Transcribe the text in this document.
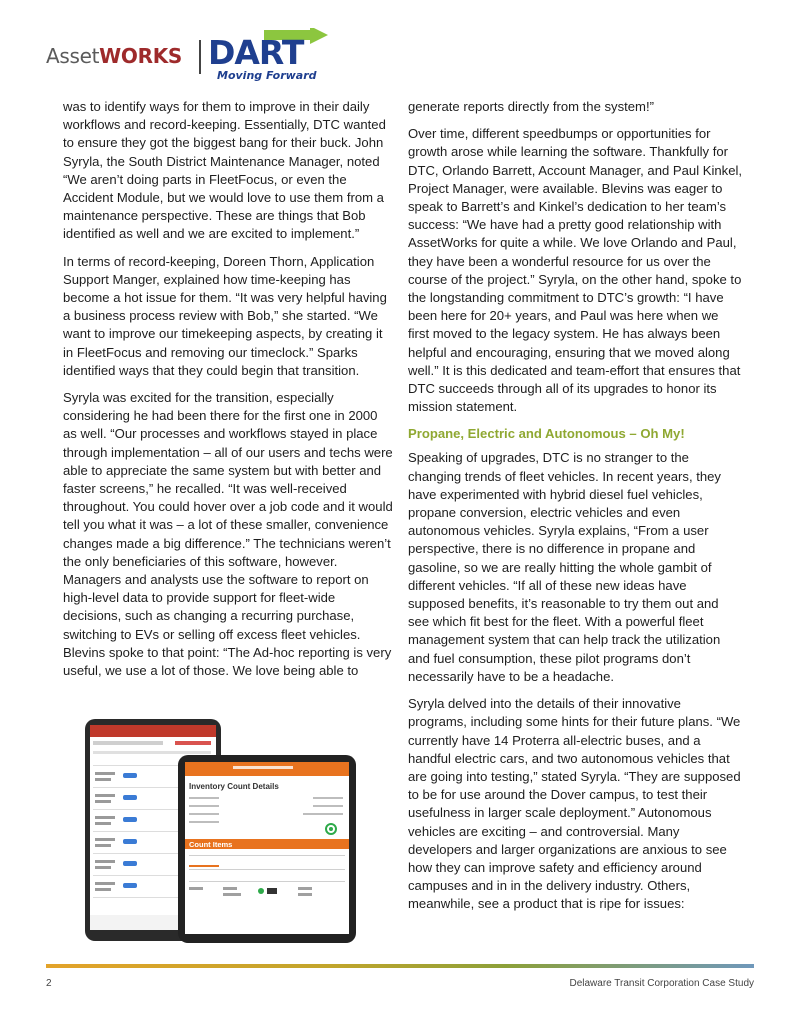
AssetWORKS DART
Moving Forward

was to identify ways for them to improve in their daily workflows and record-keeping. Essentially, DTC wanted to ensure they got the biggest bang for their buck. John Syryla, the South District Maintenance Manager, noted “We aren’t doing parts in FleetFocus, or even the Accident Module, but we would love to use them from a maintenance perspective. These are things that Bob identified as well and we are excited to implement.”

In terms of record-keeping, Doreen Thorn, Application Support Manger, explained how time-keeping has become a hot issue for them. “It was very helpful having a business process review with Bob,” she started. “We want to improve our timekeeping aspects, by creating it in FleetFocus and removing our timeclock.” Sparks identified ways that they could begin that transition.

Syryla was excited for the transition, especially considering he had been there for the first one in 2000 as well. “Our processes and workflows stayed in place through implementation – all of our users and techs were able to appreciate the same system but with better and faster screens,” he recalled. “It was well-received throughout. You could hover over a job code and it would tell you what it was – a lot of these smaller, convenience changes made a big difference.” The technicians weren’t the only beneficiaries of this software, however. Managers and analysts use the software to report on high-level data to provide support for fleet-wide decisions, such as changing a recurring purchase, switching to EVs or selling off excess fleet vehicles. Blevins spoke to that point: “The Ad-hoc reporting is very useful, we use a lot of those. We love being able to

Inventory Count Details
Count Items

generate reports directly from the system!”

Over time, different speedbumps or opportunities for growth arose while learning the software. Thankfully for DTC, Orlando Barrett, Account Manager, and Paul Kinkel, Project Manager, were available. Blevins was eager to speak to Barrett’s and Kinkel’s dedication to her team’s success: “We have had a pretty good relationship with AssetWorks for quite a while. We love Orlando and Paul, they have been a wonderful resource for us over the course of the project.” Syryla, on the other hand, spoke to the longstanding commitment to DTC’s growth: “I have been here for 20+ years, and Paul was here when we first moved to the legacy system. He has always been helpful and encouraging, ensuring that we moved along well.” It is this dedicated and team-effort that ensures that DTC succeeds through all of its upgrades to honor its mission statement.

Propane, Electric and Autonomous – Oh My!

Speaking of upgrades, DTC is no stranger to the changing trends of fleet vehicles. In recent years, they have experimented with hybrid diesel fuel vehicles, propane conversion, electric vehicles and even autonomous vehicles. Syryla explains, “From a user perspective, there is no difference in propane and gasoline, so we are really hitting the whole gambit of different vehicles. “If all of these new ideas have supposed benefits, it’s reasonable to try them out and see which fit best for the fleet. With a powerful fleet management system that can help track the utilization and fuel consumption, these pilot programs don’t necessarily have to be a headache.

Syryla delved into the details of their innovative programs, including some hints for their future plans. “We currently have 14 Proterra all-electric buses, and a handful electric cars, and two autonomous vehicles that are going into testing,” stated Syryla. “They are supposed to be for use around the Dover campus, to test their usefulness in larger scale deployment.” Autonomous vehicles are exciting – and controversial. Many developers and larger organizations are anxious to see how they can improve safety and efficiency around campuses and in in the delivery industry. Others, meanwhile, see a product that is ripe for issues:

2	Delaware Transit Corporation Case Study
